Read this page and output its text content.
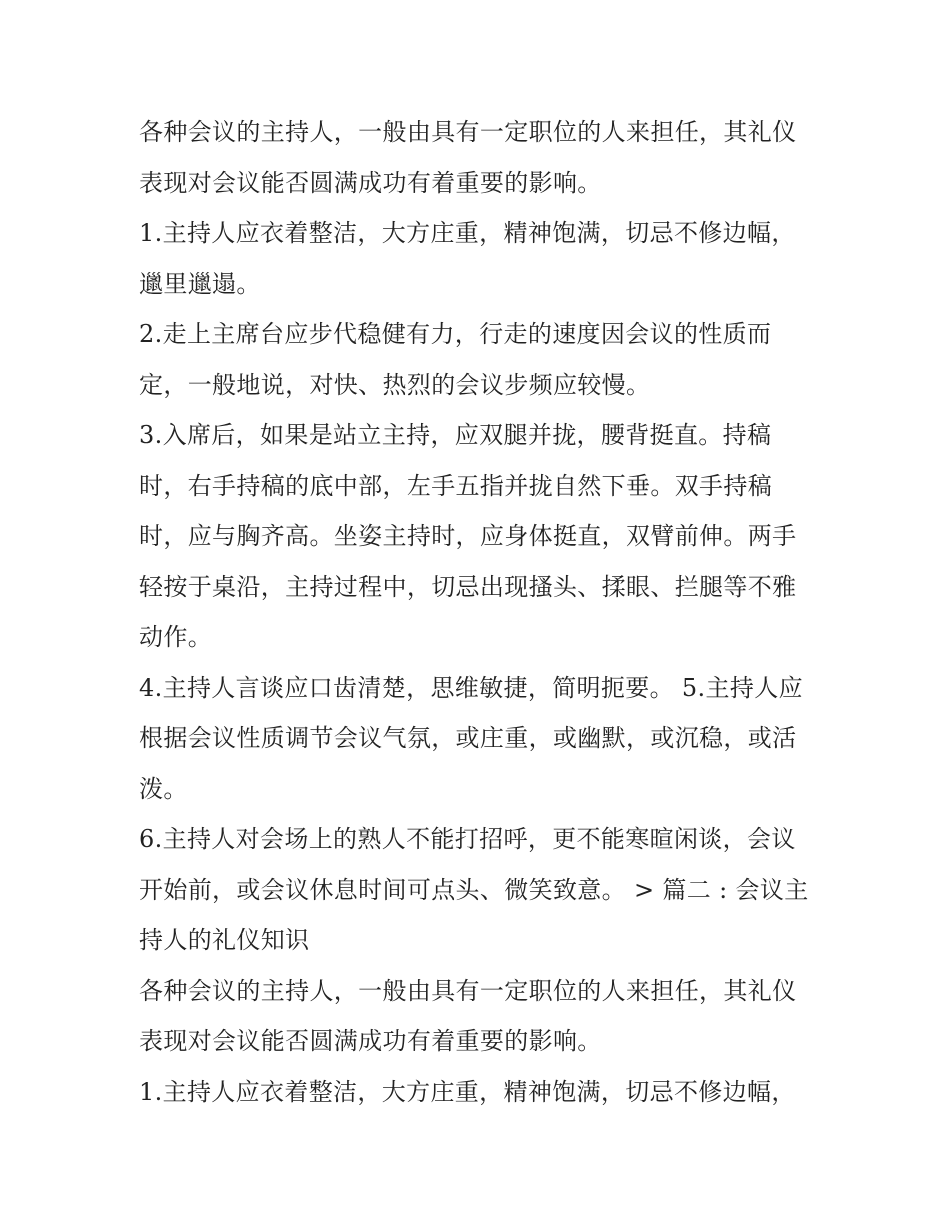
各种会议的主持人，一般由具有一定职位的人来担任，其礼仪表现对会议能否圆满成功有着重要的影响。

1.主持人应衣着整洁，大方庄重，精神饱满，切忌不修边幅，邋里邋遢。

2.走上主席台应步代稳健有力，行走的速度因会议的性质而定，一般地说，对快、热烈的会议步频应较慢。

3.入席后，如果是站立主持，应双腿并拢，腰背挺直。持稿时，右手持稿的底中部，左手五指并拢自然下垂。双手持稿时，应与胸齐高。坐姿主持时，应身体挺直，双臂前伸。两手轻按于桌沿，主持过程中，切忌出现搔头、揉眼、拦腿等不雅动作。

4.主持人言谈应口齿清楚，思维敏捷，简明扼要。 5.主持人应根据会议性质调节会议气氛，或庄重，或幽默，或沉稳，或活泼。

6.主持人对会场上的熟人不能打招呼，更不能寒暄闲谈，会议开始前，或会议休息时间可点头、微笑致意。 > 篇二 : 会议主持人的礼仪知识

各种会议的主持人，一般由具有一定职位的人来担任，其礼仪表现对会议能否圆满成功有着重要的影响。

1.主持人应衣着整洁，大方庄重，精神饱满，切忌不修边幅，
